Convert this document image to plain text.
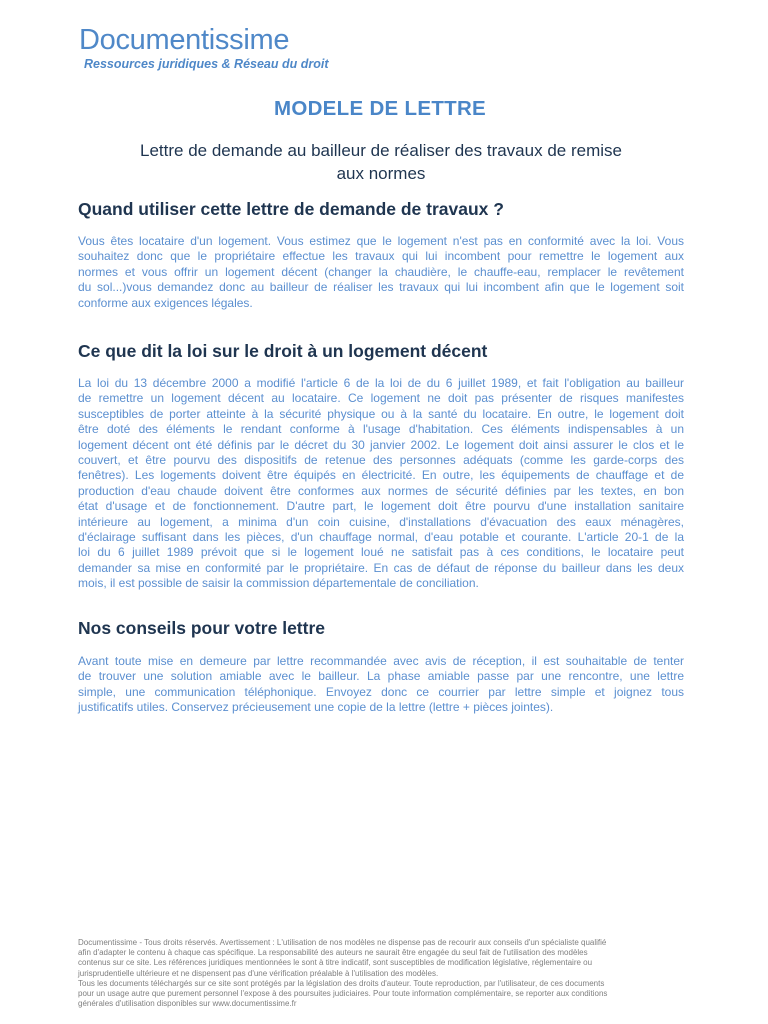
Documentissime
Ressources juridiques & Réseau du droit
MODELE DE LETTRE
Lettre de demande au bailleur de réaliser des travaux de remise
aux normes
Quand utiliser cette lettre de demande de travaux ?

Vous êtes locataire d'un logement. Vous estimez que le logement n'est pas en conformité avec la loi. Vous
souhaitez donc que le propriétaire effectue les travaux qui lui incombent pour remettre le logement aux
normes et vous offrir un logement décent (changer la chaudière, le chauffe-eau, remplacer le revêtement
du sol...)vous demandez donc au bailleur de réaliser les travaux qui lui incombent afin que le logement soit
conforme aux exigences légales.

Ce que dit la loi sur le droit à un logement décent

La loi du 13 décembre 2000 a modifié l'article 6 de la loi de du 6 juillet 1989, et fait l'obligation au bailleur
de remettre un logement décent au locataire. Ce logement ne doit pas présenter de risques manifestes
susceptibles de porter atteinte à la sécurité physique ou à la santé du locataire. En outre, le logement doit
être doté des éléments le rendant conforme à l'usage d'habitation. Ces éléments indispensables à un
logement décent ont été définis par le décret du 30 janvier 2002. Le logement doit ainsi assurer le clos et le
couvert, et être pourvu des dispositifs de retenue des personnes adéquats (comme les garde-corps des
fenêtres). Les logements doivent être équipés en électricité. En outre, les équipements de chauffage et de
production d'eau chaude doivent être conformes aux normes de sécurité définies par les textes, en bon
état d'usage et de fonctionnement. D'autre part, le logement doit être pourvu d'une installation sanitaire
intérieure au logement, a minima d'un coin cuisine, d'installations d'évacuation des eaux ménagères,
d'éclairage suffisant dans les pièces, d'un chauffage normal, d'eau potable et courante. L'article 20-1 de la
loi du 6 juillet 1989 prévoit que si le logement loué ne satisfait pas à ces conditions, le locataire peut
demander sa mise en conformité par le propriétaire. En cas de défaut de réponse du bailleur dans les deux
mois, il est possible de saisir la commission départementale de conciliation.

Nos conseils pour votre lettre

Avant toute mise en demeure par lettre recommandée avec avis de réception, il est souhaitable de tenter
de trouver une solution amiable avec le bailleur. La phase amiable passe par une rencontre, une lettre
simple, une communication téléphonique. Envoyez donc ce courrier par lettre simple et joignez tous
justificatifs utiles. Conservez précieusement une copie de la lettre (lettre + pièces jointes).

Documentissime - Tous droits réservés. Avertissement : L'utilisation de nos modèles ne dispense pas de recourir aux conseils d'un spécialiste qualifié
afin d'adapter le contenu à chaque cas spécifique. La responsabilité des auteurs ne saurait être engagée du seul fait de l'utilisation des modèles
contenus sur ce site. Les références juridiques mentionnées le sont à titre indicatif, sont susceptibles de modification législative, réglementaire ou
jurisprudentielle ultérieure et ne dispensent pas d'une vérification préalable à l'utilisation des modèles.
Tous les documents téléchargés sur ce site sont protégés par la législation des droits d'auteur. Toute reproduction, par l'utilisateur, de ces documents
pour un usage autre que purement personnel l'expose à des poursuites judiciaires. Pour toute information complémentaire, se reporter aux conditions
générales d'utilisation disponibles sur www.documentissime.fr
